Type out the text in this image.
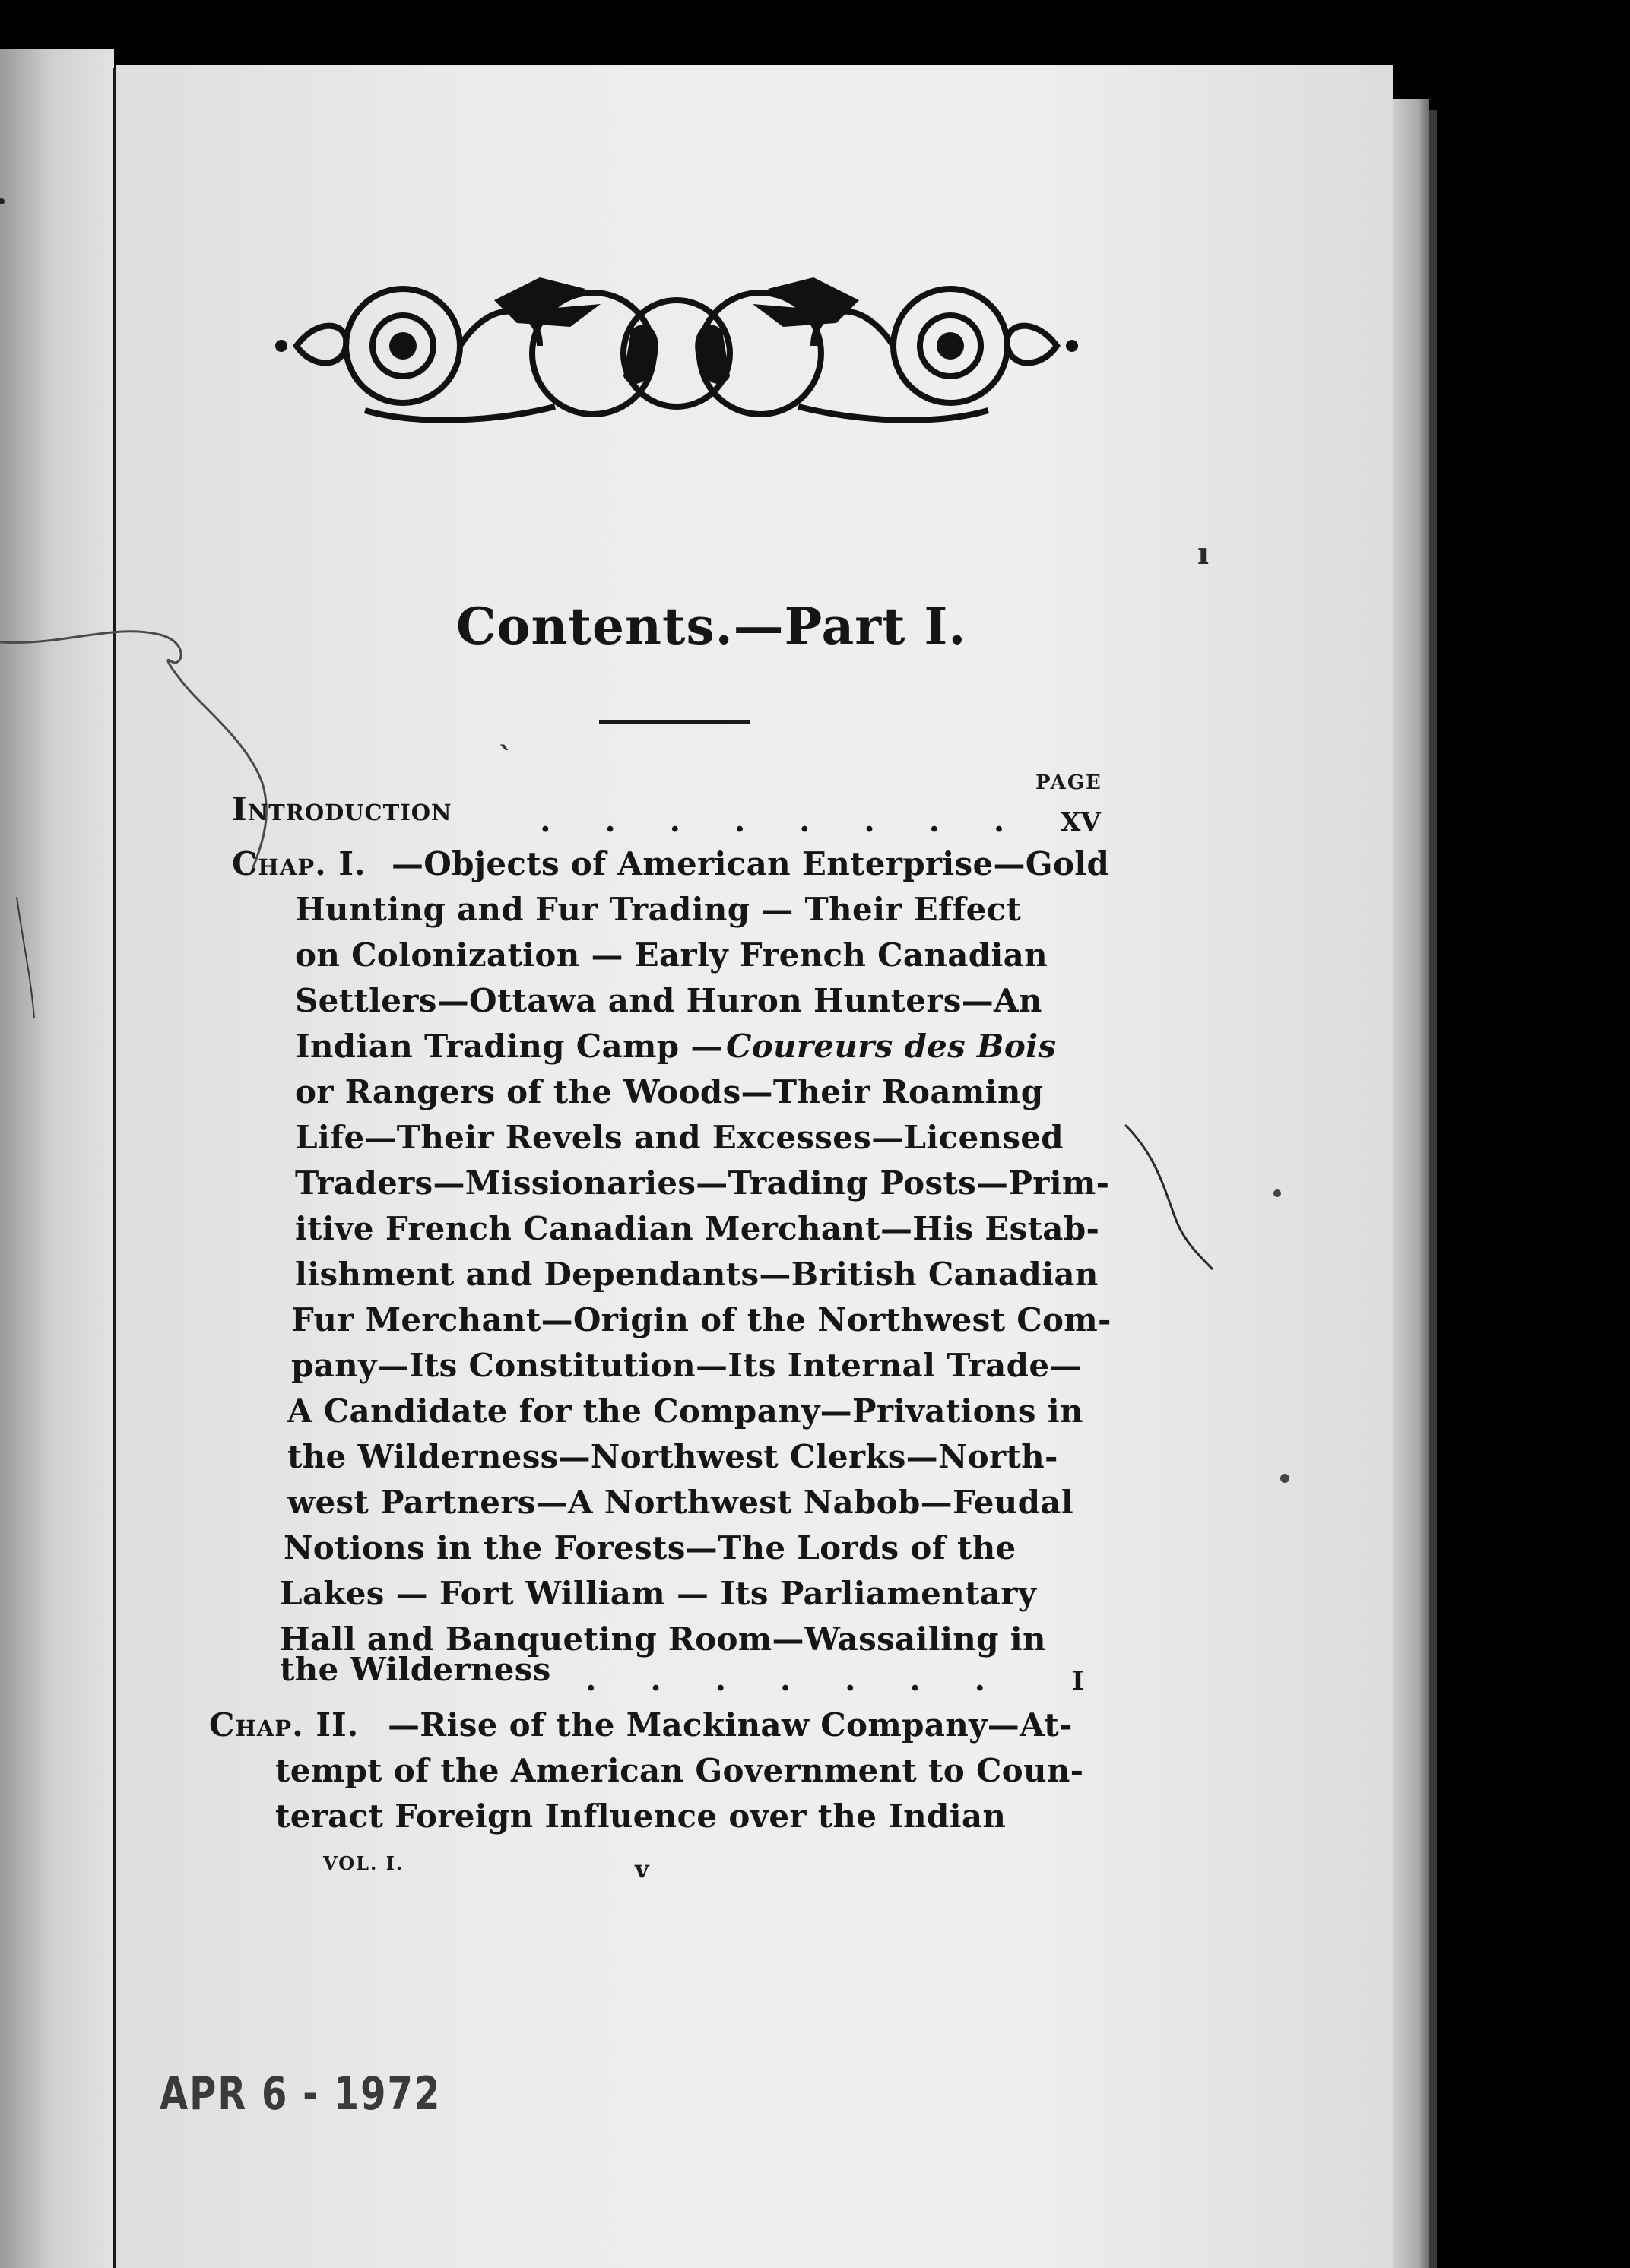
Contents.—Part I.
PAGE
Introduction	. . . . . . . . XV
Chap. I. —Objects of American Enterprise—Gold
Hunting and Fur Trading — Their Effect
on Colonization — Early French Canadian
Settlers—Ottawa and Huron Hunters—An
Indian Trading Camp — Coureurs des Bois
or Rangers of the Woods—Their Roaming
Life—Their Revels and Excesses—Licensed
Traders—Missionaries—Trading Posts—Prim-
itive French Canadian Merchant—His Estab-
lishment and Dependants—British Canadian
Fur Merchant—Origin of the Northwest Com-
pany—Its Constitution—Its Internal Trade—
A Candidate for the Company—Privations in
the Wilderness—Northwest Clerks—North-
west Partners—A Northwest Nabob—Feudal
Notions in the Forests—The Lords of the
Lakes — Fort William — Its Parliamentary
Hall and Banqueting Room—Wassailing in
the Wilderness . . . . . . .	I
Chap. II. —Rise of the Mackinaw Company—At-
tempt of the American Government to Coun-
teract Foreign Influence over the Indian
VOL. I.	v
APR 6 - 1972
ı
ˋ
